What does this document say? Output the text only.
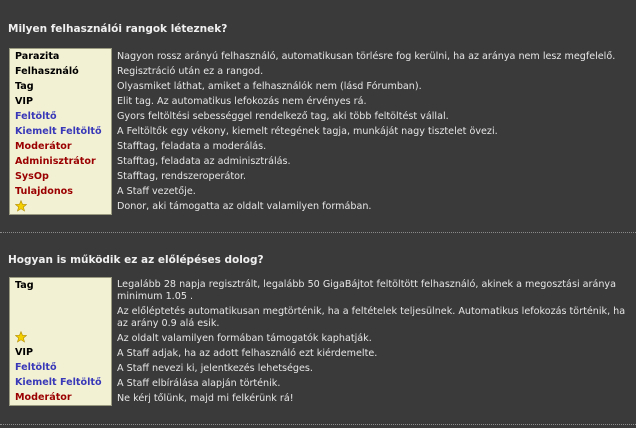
Milyen felhasználói rangok léteznek?
Parazita
Felhasználó
Tag
VIP
Feltöltő
Kiemelt Feltöltő
Moderátor
Adminisztrátor
SysOp
Tulajdonos
Nagyon rossz arányú felhasználó, automatikusan törlésre fog kerülni, ha az aránya nem lesz megfelelő.
Regisztráció után ez a rangod.
Olyasmiket láthat, amiket a felhasználók nem (lásd Fórumban).
Elit tag. Az automatikus lefokozás nem érvényes rá.
Gyors feltöltési sebességgel rendelkező tag, aki több feltöltést vállal.
A Feltöltők egy vékony, kiemelt rétegének tagja, munkáját nagy tisztelet övezi.
Stafftag, feladata a moderálás.
Stafftag, feladata az adminisztrálás.
Stafftag, rendszeroperátor.
A Staff vezetője.
Donor, aki támogatta az oldalt valamilyen formában.
Hogyan is működik ez az előlépéses dolog?
Tag
VIP
Feltöltő
Kiemelt Feltöltő
Moderátor
Legalább 28 napja regisztrált, legalább 50 GigaBájtot feltöltött felhasználó, akinek a megosztási aránya minimum 1.05 .
Az előléptetés automatikusan megtörténik, ha a feltételek teljesülnek. Automatikus lefokozás történik, ha az arány 0.9 alá esik.
Az oldalt valamilyen formában támogatók kaphatják.
A Staff adjak, ha az adott felhasználó ezt kiérdemelte.
A Staff nevezi ki, jelentkezés lehetséges.
A Staff elbírálása alapján történik.
Ne kérj tőlünk, majd mi felkérünk rá!
